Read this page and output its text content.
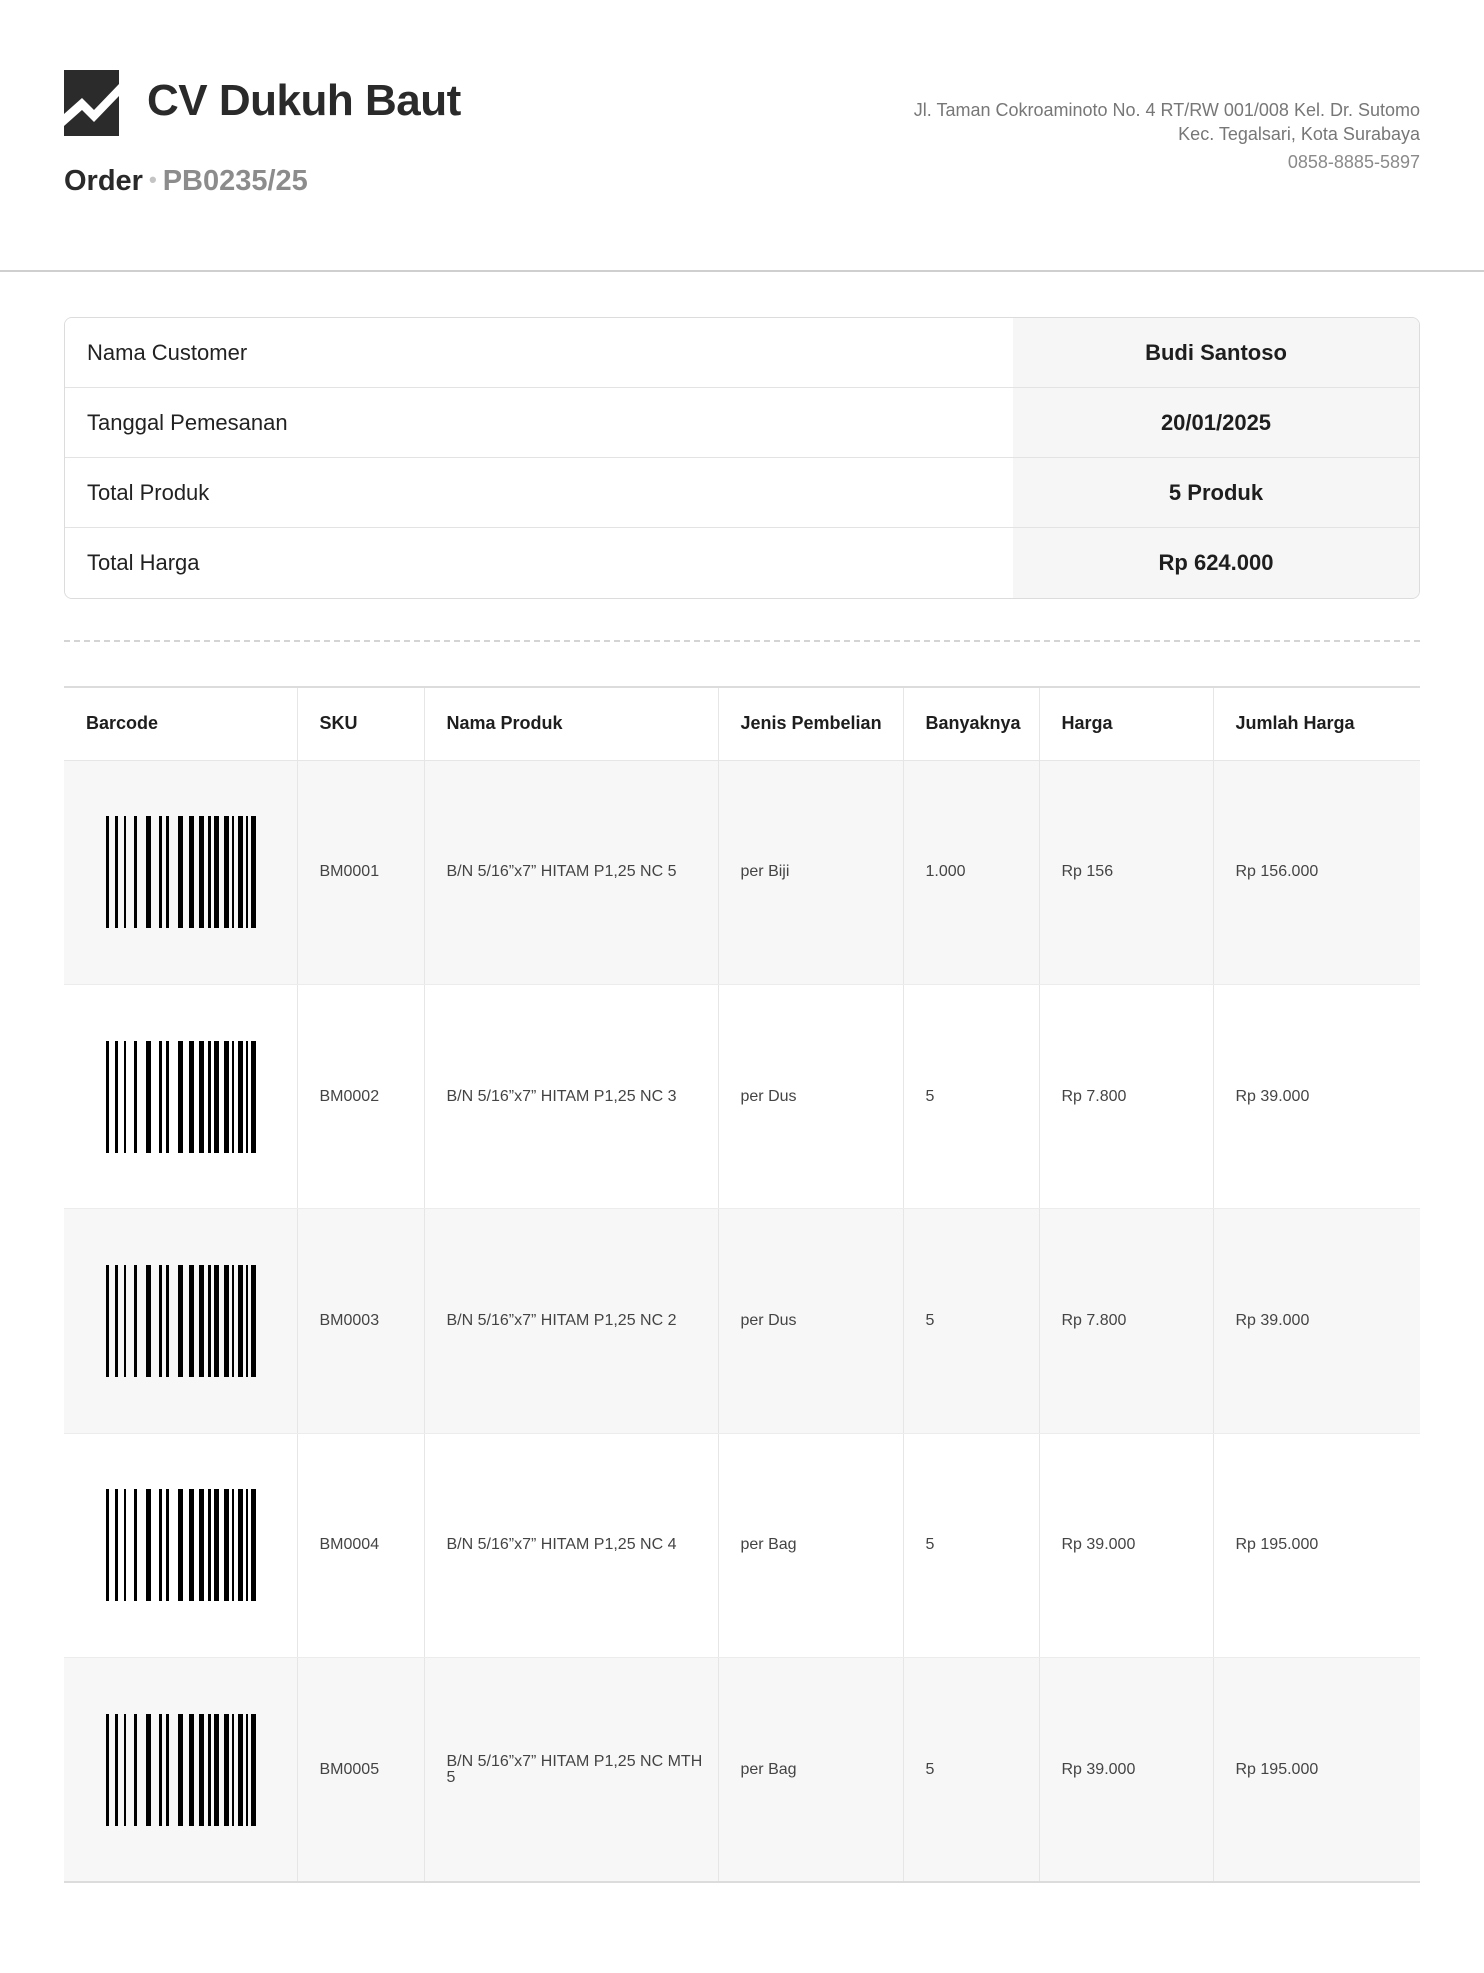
CV Dukuh Baut
Order • PB0235/25
Jl. Taman Cokroaminoto No. 4 RT/RW 001/008 Kel. Dr. Sutomo Kec. Tegalsari, Kota Surabaya
0858-8885-5897
Nama Customer	Budi Santoso
Tanggal Pemesanan	20/01/2025
Total Produk	5 Produk
Total Harga	Rp 624.000
Barcode	SKU	Nama Produk	Jenis Pembelian	Banyaknya	Harga	Jumlah Harga

	BM0001	B/N 5/16”x7” HITAM P1,25 NC 5	per Biji	1.000	Rp 156	Rp 156.000

	BM0002	B/N 5/16”x7” HITAM P1,25 NC 3	per Dus	5	Rp 7.800	Rp 39.000

	BM0003	B/N 5/16”x7” HITAM P1,25 NC 2	per Dus	5	Rp 7.800	Rp 39.000

	BM0004	B/N 5/16”x7” HITAM P1,25 NC 4	per Bag	5	Rp 39.000	Rp 195.000

	BM0005	B/N 5/16”x7” HITAM P1,25 NC MTH 5	per Bag	5	Rp 39.000	Rp 195.000
